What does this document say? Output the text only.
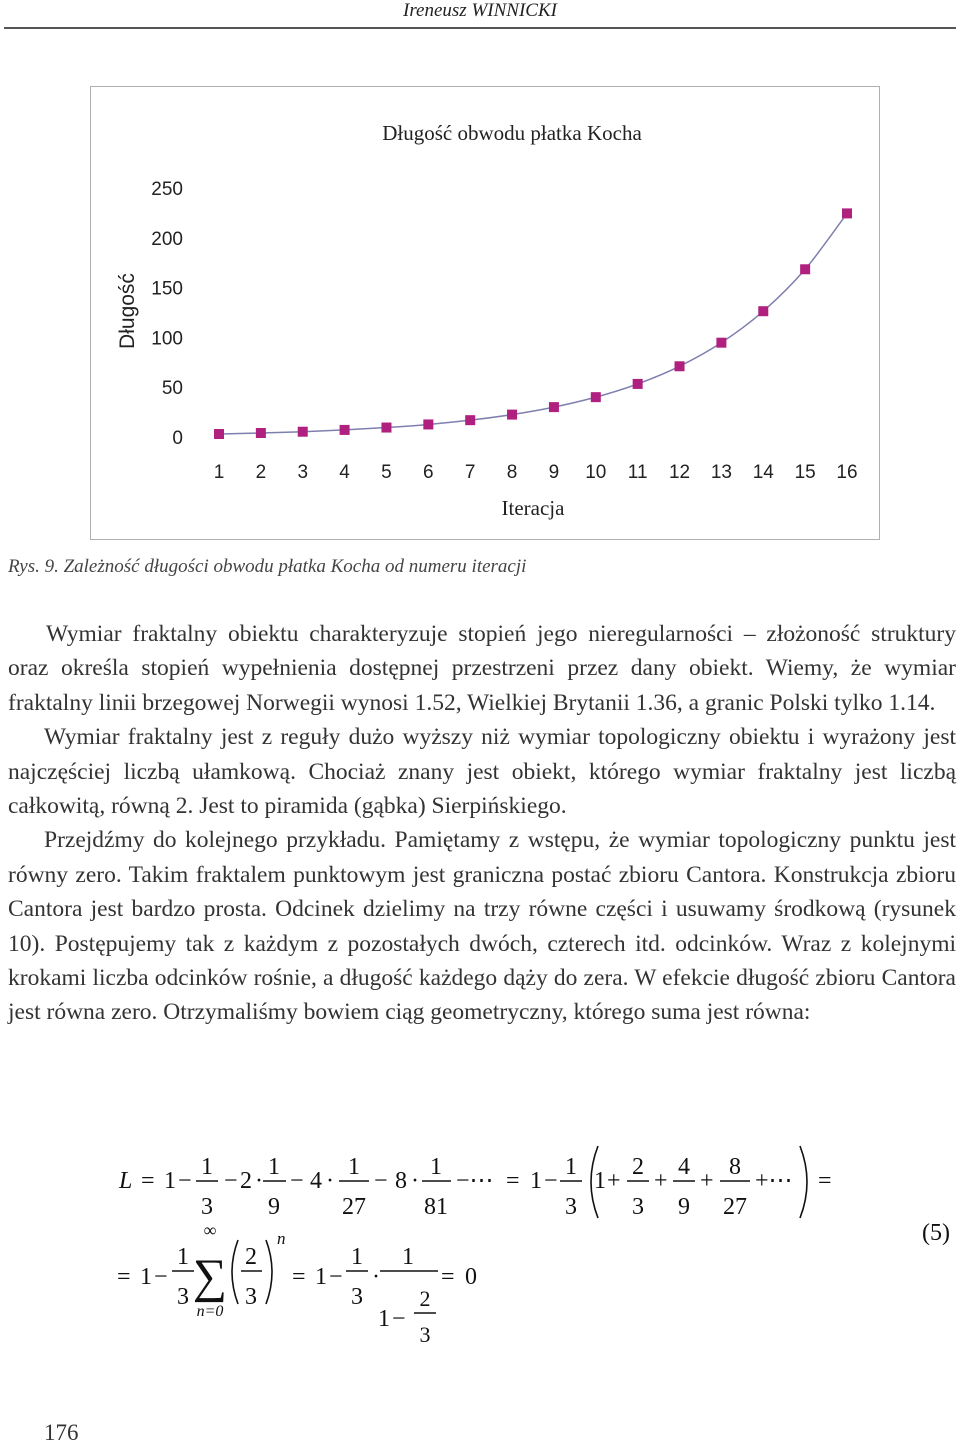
Ireneusz WINNICKI
Długość obwodu płatka Kocha
Długość
Iteracja
0
50
100
150
200
250
1 2 3 4 5 6 7 8 9 10 11 12 13 14 15 16
Rys. 9. Zależność długości obwodu płatka Kocha od numeru iteracji

Wymiar fraktalny obiektu charakteryzuje stopień jego nieregularności – złożoność struktury oraz określa stopień wypełnienia dostępnej przestrzeni przez dany obiekt. Wiemy, że wymiar fraktalny linii brzegowej Norwegii wynosi 1.52, Wielkiej Brytanii 1.36, a granic Polski tylko 1.14.

Wymiar fraktalny jest z reguły dużo wyższy niż wymiar topologiczny obiektu i wyrażony jest najczęściej liczbą ułamkową. Chociaż znany jest obiekt, którego wymiar fraktalny jest liczbą całkowitą, równą 2. Jest to piramida (gąbka) Sierpińskiego.

Przejdźmy do kolejnego przykładu. Pamiętamy z wstępu, że wymiar topologiczny punktu jest równy zero. Takim fraktalem punktowym jest graniczna postać zbioru Cantora. Konstrukcja zbioru Cantora jest bardzo prosta. Odcinek dzielimy na trzy równe części i usuwamy środkową (rysunek 10). Postępujemy tak z każdym z pozostałych dwóch, czterech itd. odcinków. Wraz z kolejnymi krokami liczba odcinków rośnie, a długość każdego dąży do zera. W efekcie długość zbioru Cantora jest równa zero. Otrzymaliśmy bowiem ciąg geometryczny, którego suma jest równa:

L = 1 −
1
3
− 2 ·
1
9
− 4 ·
1
27
− 8 ·
1
81
−⋯ = 1 −
1
3
1 +
2
3
+
4
9
+
8
27
+⋯ =
(5)
= 1 −
1
3
∞
∑
n=0
2
3
n
= 1 −
1
3
·
1
1 −
2
3
= 0
176
